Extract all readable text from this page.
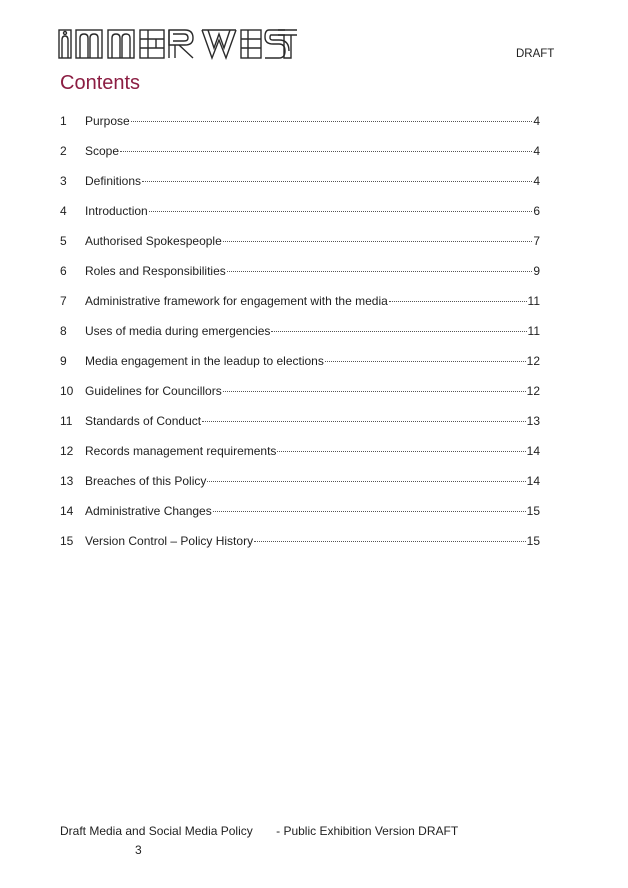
DRAFT
Contents
1	Purpose	4
2	Scope	4
3	Definitions	4
4	Introduction	6
5	Authorised Spokespeople	7
6	Roles and Responsibilities	9
7	Administrative framework for engagement with the media	11
8	Uses of media during emergencies	11
9	Media engagement in the leadup to elections	12
10 Guidelines for Councillors	12
11	Standards of Conduct	13
12 Records management requirements	14
13 Breaches of this Policy	14
14 Administrative Changes	15
15 Version Control – Policy History	15
Draft Media and Social Media Policy - Public Exhibition Version DRAFT
3
